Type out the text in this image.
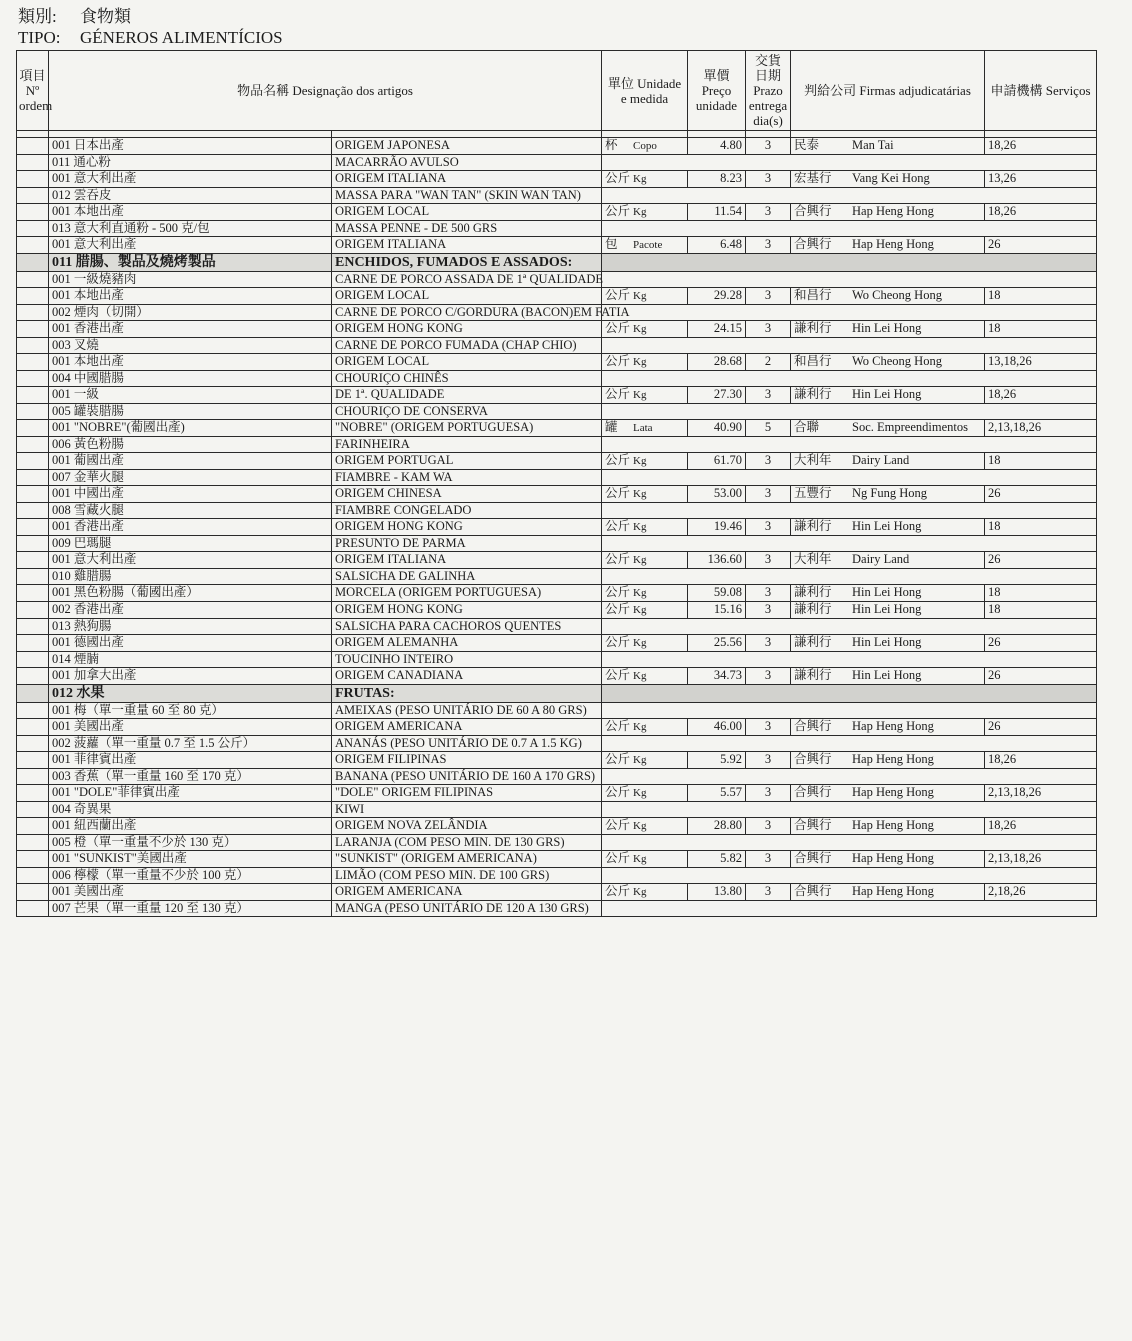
類別:	食物類
TIPO:	GÉNEROS ALIMENTÍCIOS
項目 Nº ordem	物品名稱 Designação dos artigos		單位 Unidade e medida	單價 Preço unidade	交貨 日期 Prazo entrega dia(s)	判給公司 Firmas adjudicatárias	申請機構 Serviços

	001 日本出產	ORIGEM JAPONESA	杯 Copo	4.80	3	民泰 Man Tai	18,26
	011 通心粉	MACARRÃO AVULSO					
	001 意大利出產	ORIGEM ITALIANA	公斤 Kg	8.23	3	宏基行 Vang Kei Hong	13,26
	012 雲吞皮	MASSA PARA "WAN TAN" (SKIN WAN TAN)					
	001 本地出產	ORIGEM LOCAL	公斤 Kg	11.54	3	合興行 Hap Heng Hong	18,26
	013 意大利直通粉 - 500 克/包	MASSA PENNE - DE 500 GRS					
	001 意大利出產	ORIGEM ITALIANA	包 Pacote	6.48	3	合興行 Hap Heng Hong	26
	011 腊腸、製品及燒烤製品	ENCHIDOS, FUMADOS E ASSADOS:					
	001 一級燒豬肉	CARNE DE PORCO ASSADA DE 1ª QUALIDADE					
	001 本地出產	ORIGEM LOCAL	公斤 Kg	29.28	3	和昌行 Wo Cheong Hong	18
	002 煙肉（切開）	CARNE DE PORCO C/GORDURA (BACON)EM FATIA					
	001 香港出產	ORIGEM HONG KONG	公斤 Kg	24.15	3	謙利行 Hin Lei Hong	18
	003 叉燒	CARNE DE PORCO FUMADA (CHAP CHIO)					
	001 本地出產	ORIGEM LOCAL	公斤 Kg	28.68	2	和昌行 Wo Cheong Hong	13,18,26
	004 中國腊腸	CHOURIÇO CHINÊS					
	001 一級	DE 1ª. QUALIDADE	公斤 Kg	27.30	3	謙利行 Hin Lei Hong	18,26
	005 罐裝腊腸	CHOURIÇO DE CONSERVA					
	001 "NOBRE"(葡國出產)	"NOBRE" (ORIGEM PORTUGUESA)	罐 Lata	40.90	5	合聯 Soc. Empreendimentos	2,13,18,26
	006 黃色粉腸	FARINHEIRA					
	001 葡國出產	ORIGEM PORTUGAL	公斤 Kg	61.70	3	大利年 Dairy Land	18
	007 金華火腿	FIAMBRE - KAM WA					
	001 中國出產	ORIGEM CHINESA	公斤 Kg	53.00	3	五豐行 Ng Fung Hong	26
	008 雪藏火腿	FIAMBRE CONGELADO					
	001 香港出產	ORIGEM HONG KONG	公斤 Kg	19.46	3	謙利行 Hin Lei Hong	18
	009 巴瑪腿	PRESUNTO DE PARMA					
	001 意大利出產	ORIGEM ITALIANA	公斤 Kg	136.60	3	大利年 Dairy Land	26
	010 雞腊腸	SALSICHA DE GALINHA					
	001 黑色粉腸（葡國出產）	MORCELA (ORIGEM PORTUGUESA)	公斤 Kg	59.08	3	謙利行 Hin Lei Hong	18
	002 香港出產	ORIGEM HONG KONG	公斤 Kg	15.16	3	謙利行 Hin Lei Hong	18
	013 熱狗腸	SALSICHA PARA CACHOROS QUENTES					
	001 德國出產	ORIGEM ALEMANHA	公斤 Kg	25.56	3	謙利行 Hin Lei Hong	26
	014 煙腩	TOUCINHO INTEIRO					
	001 加拿大出產	ORIGEM CANADIANA	公斤 Kg	34.73	3	謙利行 Hin Lei Hong	26
	012 水果	FRUTAS:					
	001 梅（單一重量 60 至 80 克）	AMEIXAS (PESO UNITÁRIO DE 60 A 80 GRS)					
	001 美國出產	ORIGEM AMERICANA	公斤 Kg	46.00	3	合興行 Hap Heng Hong	26
	002 菠蘿（單一重量 0.7 至 1.5 公斤）	ANANÁS (PESO UNITÁRIO DE 0.7 A 1.5 KG)					
	001 菲律賓出產	ORIGEM FILIPINAS	公斤 Kg	5.92	3	合興行 Hap Heng Hong	18,26
	003 香蕉（單一重量 160 至 170 克）	BANANA (PESO UNITÁRIO DE 160 A 170 GRS)					
	001 "DOLE"菲律賓出產	"DOLE" ORIGEM FILIPINAS	公斤 Kg	5.57	3	合興行 Hap Heng Hong	2,13,18,26
	004 奇異果	KIWI					
	001 紐西蘭出產	ORIGEM NOVA ZELÂNDIA	公斤 Kg	28.80	3	合興行 Hap Heng Hong	18,26
	005 橙（單一重量不少於 130 克）	LARANJA (COM PESO MIN. DE 130 GRS)					
	001 "SUNKIST"美國出產	"SUNKIST" (ORIGEM AMERICANA)	公斤 Kg	5.82	3	合興行 Hap Heng Hong	2,13,18,26
	006 檸檬（單一重量不少於 100 克）	LIMÃO (COM PESO MIN. DE 100 GRS)					
	001 美國出產	ORIGEM AMERICANA	公斤 Kg	13.80	3	合興行 Hap Heng Hong	2,18,26
	007 芒果（單一重量 120 至 130 克）	MANGA (PESO UNITÁRIO DE 120 A 130 GRS)					
